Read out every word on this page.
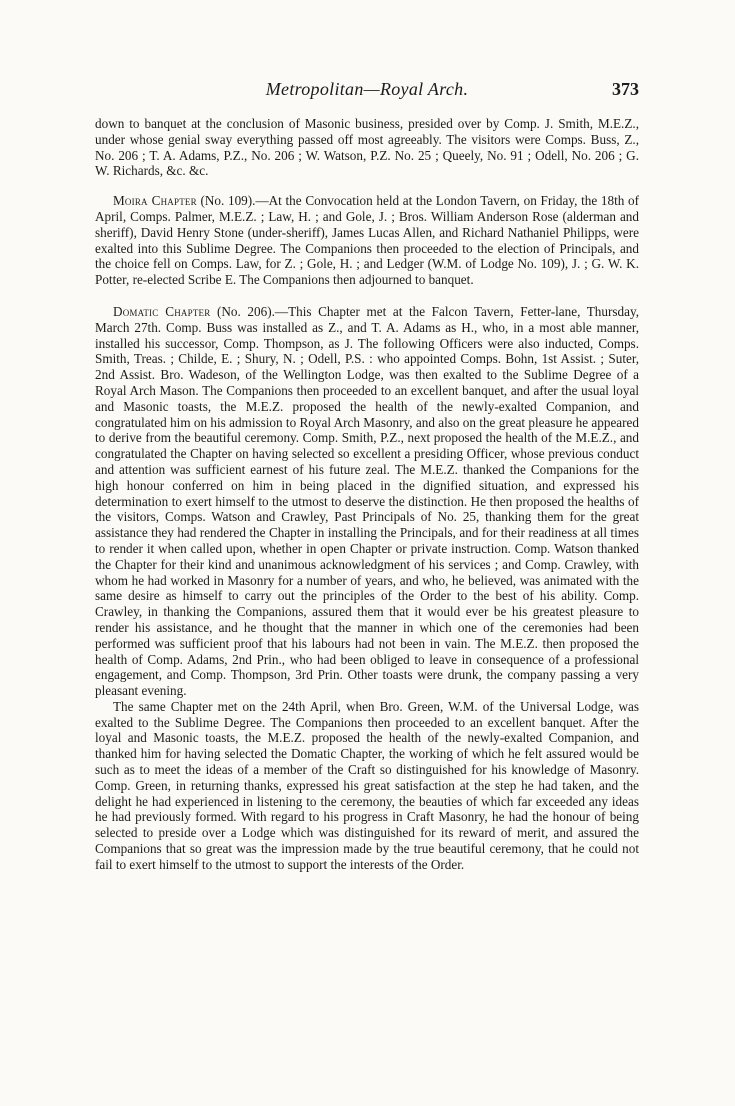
Metropolitan—Royal Arch.	373

down to banquet at the conclusion of Masonic business, presided over by Comp. J. Smith, M.E.Z., under whose genial sway everything passed off most agreeably. The visitors were Comps. Buss, Z., No. 206 ; T. A. Adams, P.Z., No. 206 ; W. Watson, P.Z. No. 25 ; Queely, No. 91 ; Odell, No. 206 ; G. W. Richards, &c. &c.

Moira Chapter (No. 109).—At the Convocation held at the London Tavern, on Friday, the 18th of April, Comps. Palmer, M.E.Z. ; Law, H. ; and Gole, J. ; Bros. William Anderson Rose (alderman and sheriff), David Henry Stone (under-sheriff), James Lucas Allen, and Richard Nathaniel Philipps, were exalted into this Sublime Degree. The Companions then proceeded to the election of Principals, and the choice fell on Comps. Law, for Z. ; Gole, H. ; and Ledger (W.M. of Lodge No. 109), J. ; G. W. K. Potter, re-elected Scribe E. The Companions then adjourned to banquet.

Domatic Chapter (No. 206).—This Chapter met at the Falcon Tavern, Fetter-lane, Thursday, March 27th. Comp. Buss was installed as Z., and T. A. Adams as H., who, in a most able manner, installed his successor, Comp. Thompson, as J. The following Officers were also inducted, Comps. Smith, Treas. ; Childe, E. ; Shury, N. ; Odell, P.S. : who appointed Comps. Bohn, 1st Assist. ; Suter, 2nd Assist. Bro. Wadeson, of the Wellington Lodge, was then exalted to the Sublime Degree of a Royal Arch Mason. The Companions then proceeded to an excellent banquet, and after the usual loyal and Masonic toasts, the M.E.Z. proposed the health of the newly-exalted Companion, and congratulated him on his admission to Royal Arch Masonry, and also on the great pleasure he appeared to derive from the beautiful ceremony. Comp. Smith, P.Z., next proposed the health of the M.E.Z., and congratulated the Chapter on having selected so excellent a presiding Officer, whose previous conduct and attention was sufficient earnest of his future zeal. The M.E.Z. thanked the Companions for the high honour conferred on him in being placed in the dignified situation, and expressed his determination to exert himself to the utmost to deserve the distinction. He then proposed the healths of the visitors, Comps. Watson and Crawley, Past Principals of No. 25, thanking them for the great assistance they had rendered the Chapter in installing the Principals, and for their readiness at all times to render it when called upon, whether in open Chapter or private instruction. Comp. Watson thanked the Chapter for their kind and unanimous acknowledgment of his services ; and Comp. Crawley, with whom he had worked in Masonry for a number of years, and who, he believed, was animated with the same desire as himself to carry out the principles of the Order to the best of his ability. Comp. Crawley, in thanking the Companions, assured them that it would ever be his greatest pleasure to render his assistance, and he thought that the manner in which one of the ceremonies had been performed was sufficient proof that his labours had not been in vain. The M.E.Z. then proposed the health of Comp. Adams, 2nd Prin., who had been obliged to leave in consequence of a professional engagement, and Comp. Thompson, 3rd Prin. Other toasts were drunk, the company passing a very pleasant evening.

The same Chapter met on the 24th April, when Bro. Green, W.M. of the Universal Lodge, was exalted to the Sublime Degree. The Companions then proceeded to an excellent banquet. After the loyal and Masonic toasts, the M.E.Z. proposed the health of the newly-exalted Companion, and thanked him for having selected the Domatic Chapter, the working of which he felt assured would be such as to meet the ideas of a member of the Craft so distinguished for his knowledge of Masonry. Comp. Green, in returning thanks, expressed his great satisfaction at the step he had taken, and the delight he had experienced in listening to the ceremony, the beauties of which far exceeded any ideas he had previously formed. With regard to his progress in Craft Masonry, he had the honour of being selected to preside over a Lodge which was distinguished for its reward of merit, and assured the Companions that so great was the impression made by the true beautiful ceremony, that he could not fail to exert himself to the utmost to support the interests of the Order.
